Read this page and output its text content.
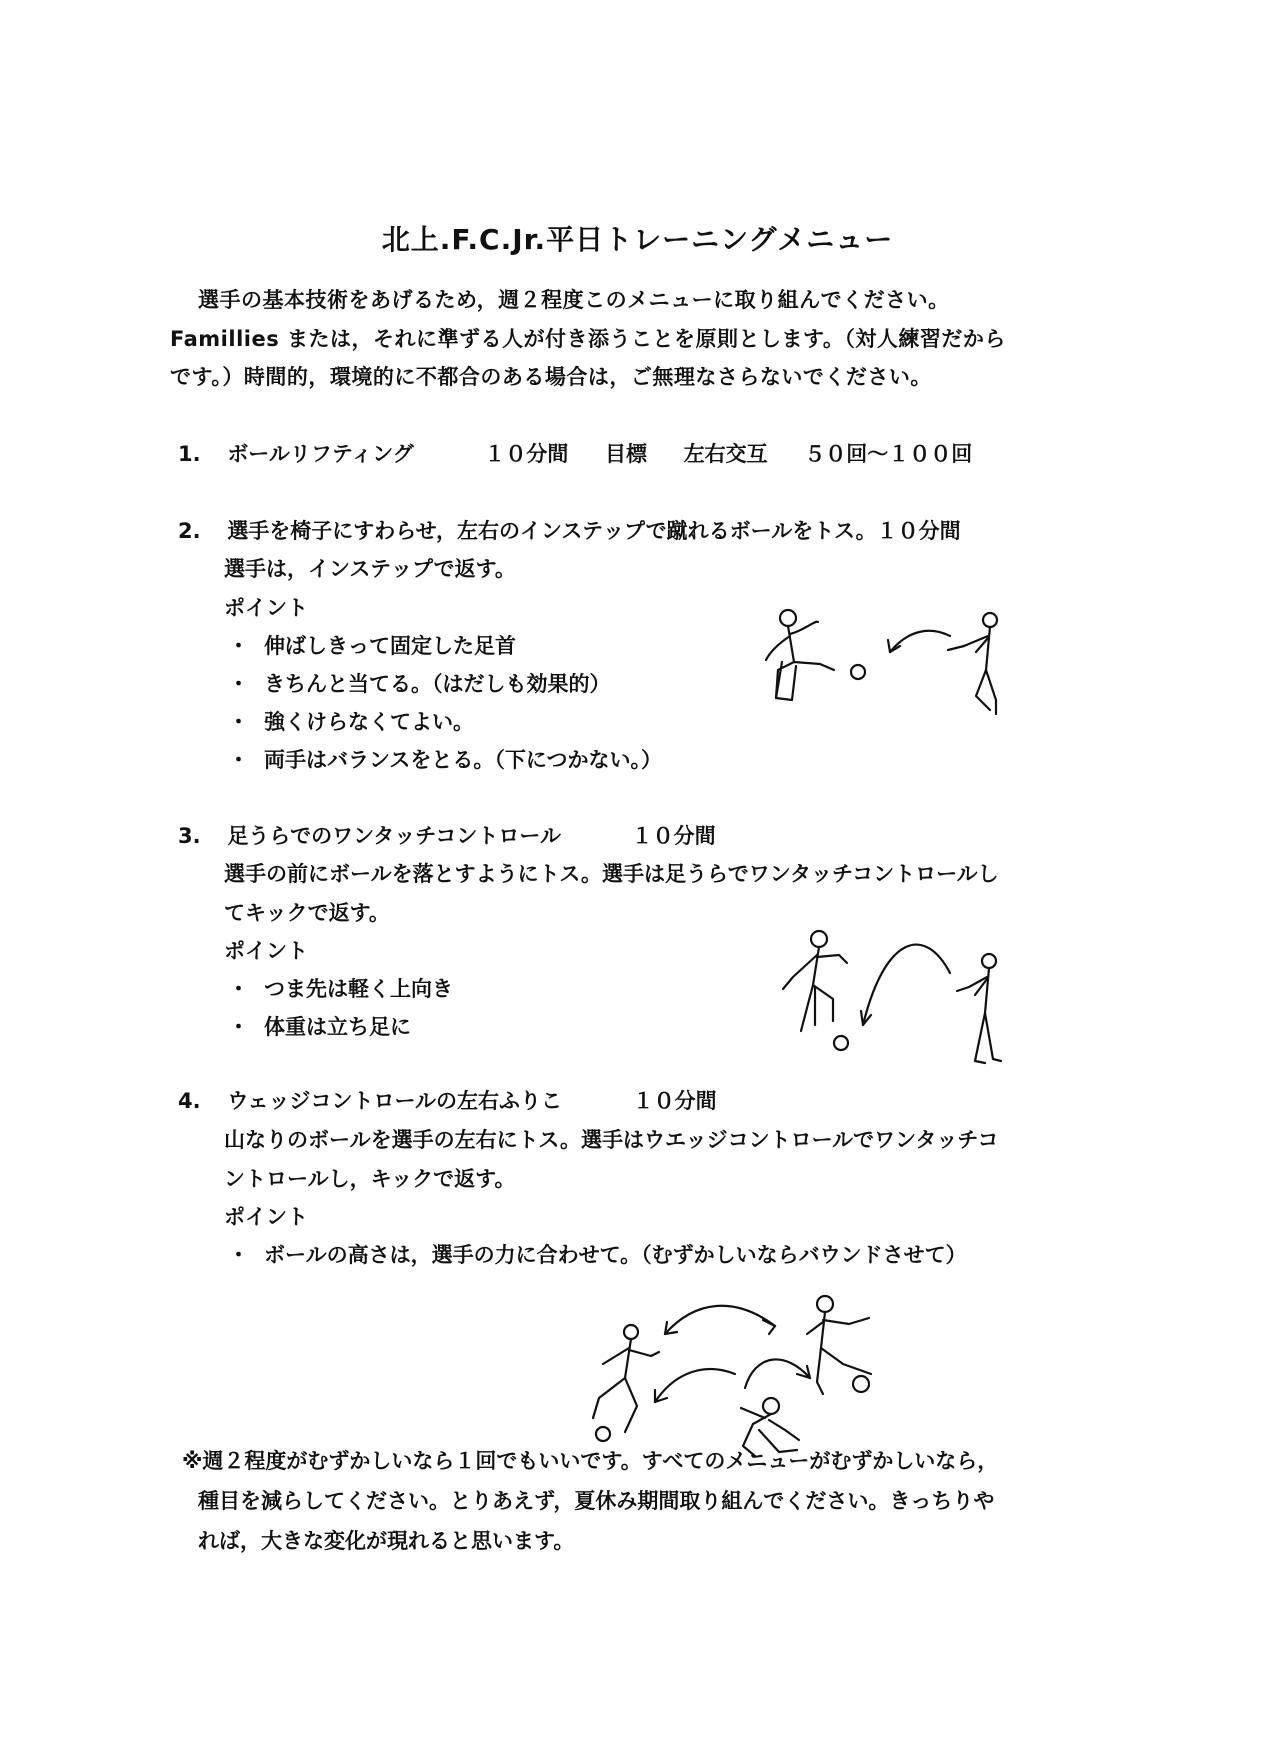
北上.F.C.Jr.平日トレーニングメニュー
選手の基本技術をあげるため，週２程度このメニューに取り組んでください。
Famillies または，それに準ずる人が付き添うことを原則とします。（対人練習だから
です。）時間的，環境的に不都合のある場合は，ご無理なさらないでください。
1. ボールリフティング	１０分間 目標 左右交互 ５０回～１００回
2. 選手を椅子にすわらせ，左右のインステップで蹴れるボールをトス。１０分間
選手は，インステップで返す。
ポイント
・ 伸ばしきって固定した足首
・ きちんと当てる。（はだしも効果的）
・ 強くけらなくてよい。
・ 両手はバランスをとる。（下につかない。）
3. 足うらでのワンタッチコントロール	１０分間
選手の前にボールを落とすようにトス。選手は足うらでワンタッチコントロールし
てキックで返す。
ポイント
・ つま先は軽く上向き
・ 体重は立ち足に
4. ウェッジコントロールの左右ふりこ	１０分間
山なりのボールを選手の左右にトス。選手はウエッジコントロールでワンタッチコ
ントロールし，キックで返す。
ポイント
・ ボールの高さは，選手の力に合わせて。（むずかしいならバウンドさせて）
※週２程度がむずかしいなら１回でもいいです。すべてのメニューがむずかしいなら，
種目を減らしてください。とりあえず，夏休み期間取り組んでください。きっちりや
れば，大きな変化が現れると思います。
